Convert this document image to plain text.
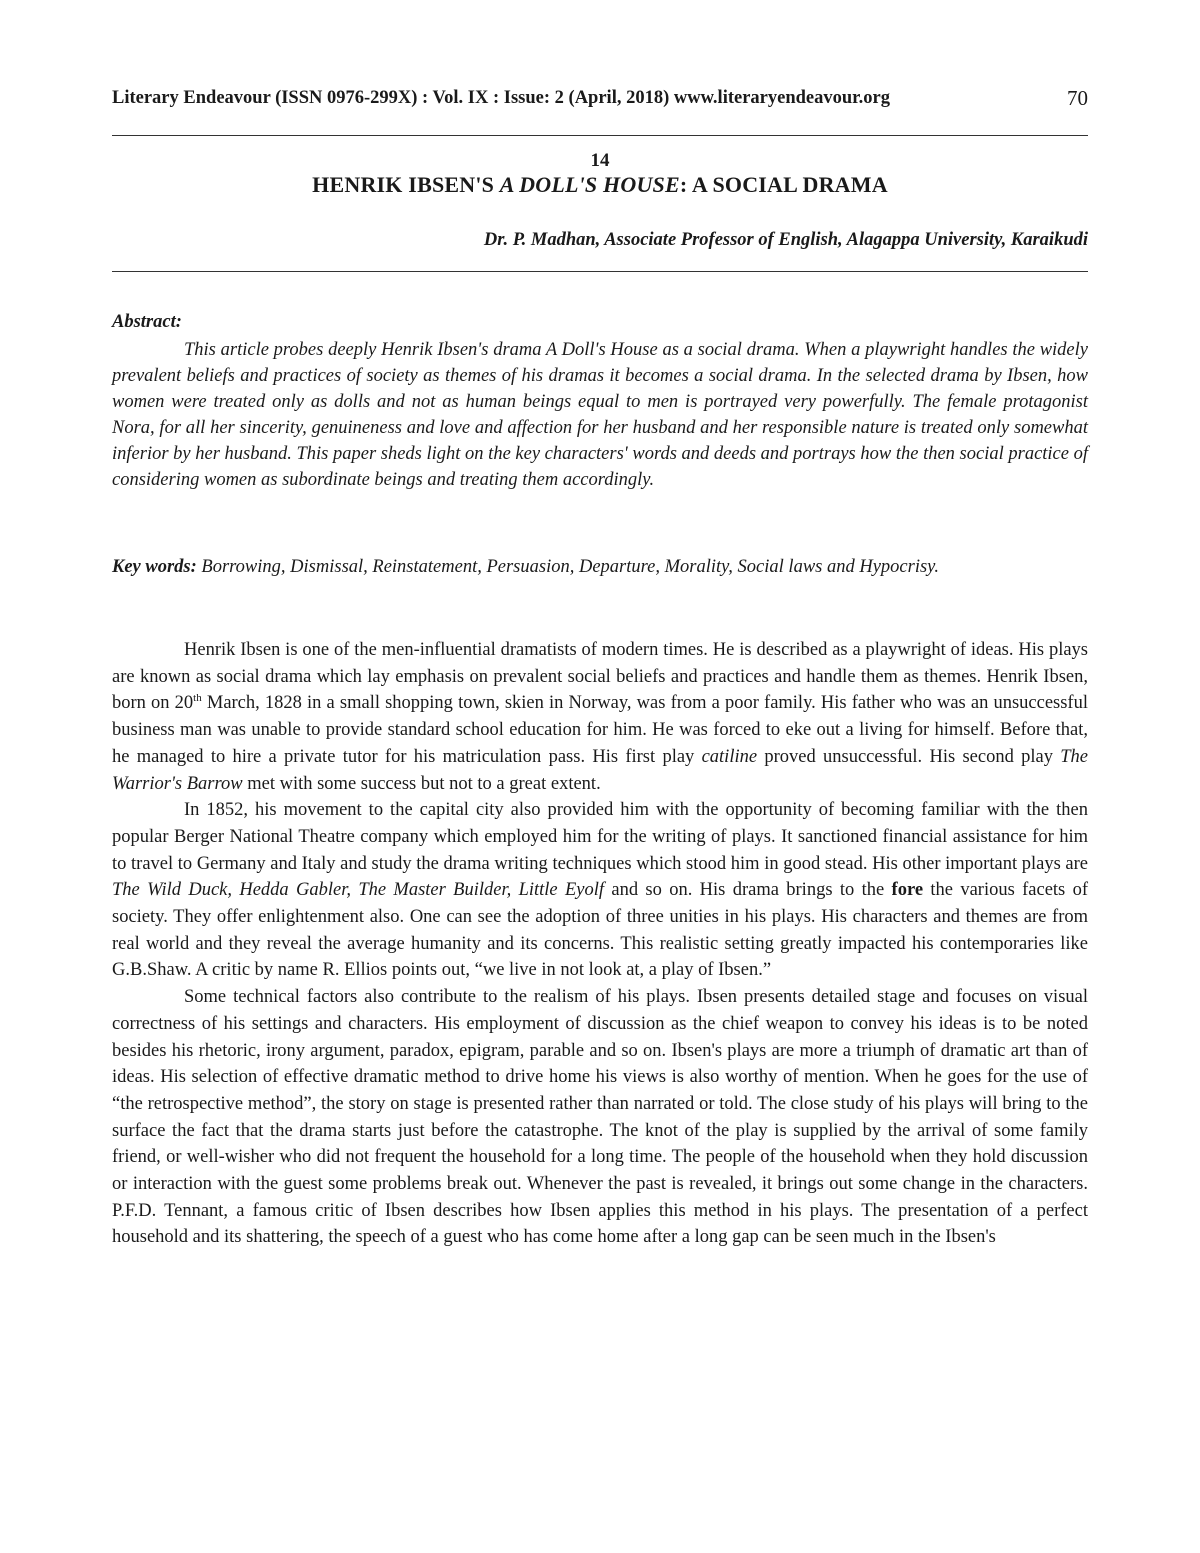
Literary Endeavour (ISSN 0976-299X) : Vol. IX : Issue: 2 (April, 2018) www.literaryendeavour.org	70
14
HENRIK IBSEN'S A DOLL'S HOUSE: A SOCIAL DRAMA
Dr. P. Madhan, Associate Professor of English, Alagappa University, Karaikudi
Abstract:

This article probes deeply Henrik Ibsen's drama A Doll's House as a social drama. When a playwright handles the widely prevalent beliefs and practices of society as themes of his dramas it becomes a social drama. In the selected drama by Ibsen, how women were treated only as dolls and not as human beings equal to men is portrayed very powerfully. The female protagonist Nora, for all her sincerity, genuineness and love and affection for her husband and her responsible nature is treated only somewhat inferior by her husband. This paper sheds light on the key characters' words and deeds and portrays how the then social practice of considering women as subordinate beings and treating them accordingly.

Key words: Borrowing, Dismissal, Reinstatement, Persuasion, Departure, Morality, Social laws and Hypocrisy.

Henrik Ibsen is one of the men-influential dramatists of modern times. He is described as a playwright of ideas. His plays are known as social drama which lay emphasis on prevalent social beliefs and practices and handle them as themes. Henrik Ibsen, born on 20th March, 1828 in a small shopping town, skien in Norway, was from a poor family. His father who was an unsuccessful business man was unable to provide standard school education for him. He was forced to eke out a living for himself. Before that, he managed to hire a private tutor for his matriculation pass. His first play catiline proved unsuccessful. His second play The Warrior's Barrow met with some success but not to a great extent.

In 1852, his movement to the capital city also provided him with the opportunity of becoming familiar with the then popular Berger National Theatre company which employed him for the writing of plays. It sanctioned financial assistance for him to travel to Germany and Italy and study the drama writing techniques which stood him in good stead. His other important plays are The Wild Duck, Hedda Gabler, The Master Builder, Little Eyolf and so on. His drama brings to the fore the various facets of society. They offer enlightenment also. One can see the adoption of three unities in his plays. His characters and themes are from real world and they reveal the average humanity and its concerns. This realistic setting greatly impacted his contemporaries like G.B.Shaw. A critic by name R. Ellios points out, “we live in not look at, a play of Ibsen.”

Some technical factors also contribute to the realism of his plays. Ibsen presents detailed stage and focuses on visual correctness of his settings and characters. His employment of discussion as the chief weapon to convey his ideas is to be noted besides his rhetoric, irony argument, paradox, epigram, parable and so on. Ibsen's plays are more a triumph of dramatic art than of ideas. His selection of effective dramatic method to drive home his views is also worthy of mention. When he goes for the use of “the retrospective method”, the story on stage is presented rather than narrated or told. The close study of his plays will bring to the surface the fact that the drama starts just before the catastrophe. The knot of the play is supplied by the arrival of some family friend, or well-wisher who did not frequent the household for a long time. The people of the household when they hold discussion or interaction with the guest some problems break out. Whenever the past is revealed, it brings out some change in the characters. P.F.D. Tennant, a famous critic of Ibsen describes how Ibsen applies this method in his plays. The presentation of a perfect household and its shattering, the speech of a guest who has come home after a long gap can be seen much in the Ibsen's
